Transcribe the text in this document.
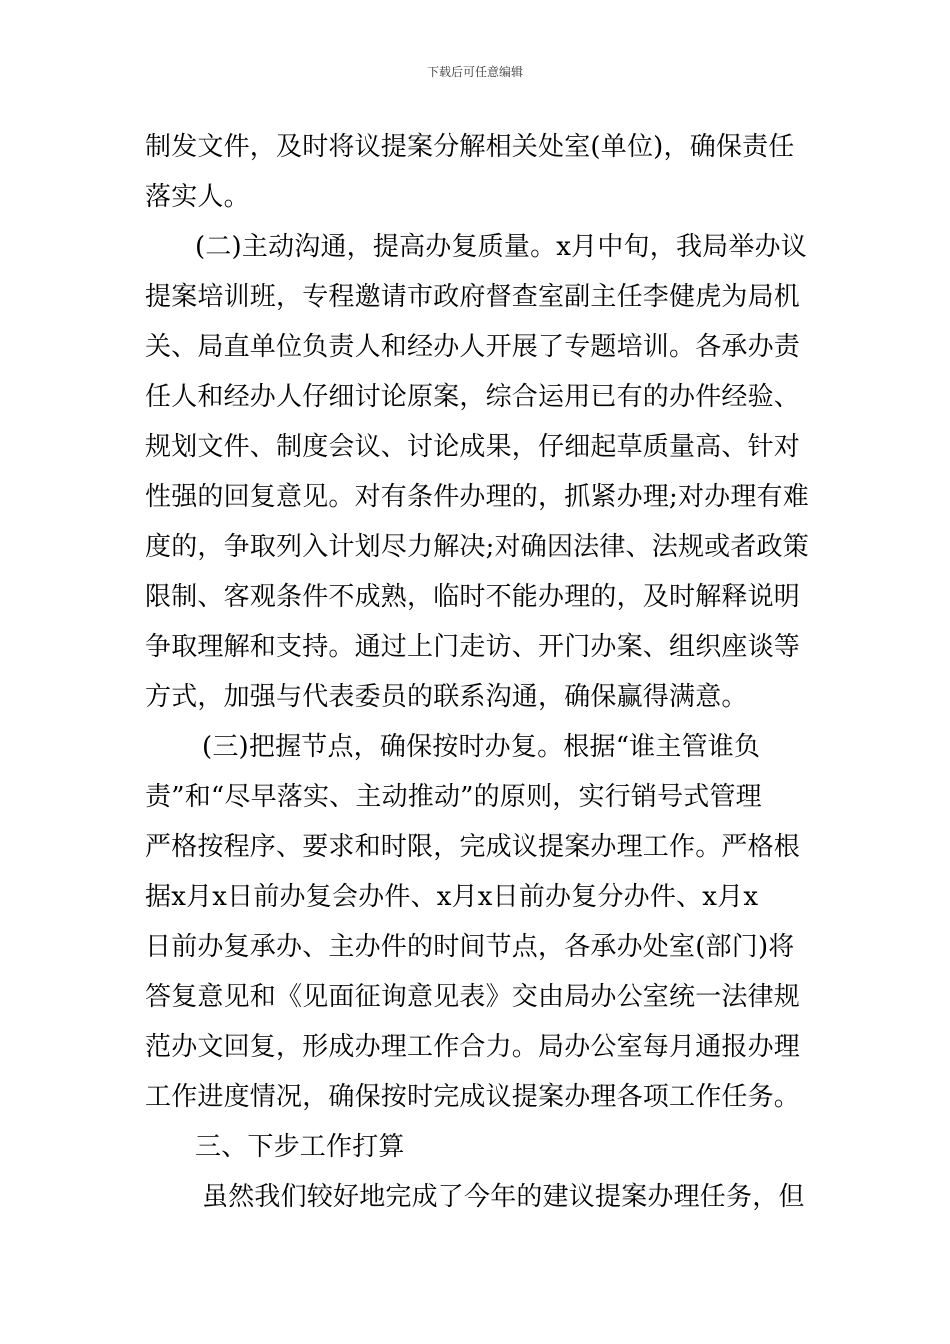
下载后可任意编辑
制发文件，及时将议提案分解相关处室(单位)，确保责任
落实人。
(二)主动沟通，提高办复质量。x月中旬，我局举办议
提案培训班，专程邀请市政府督查室副主任李健虎为局机
关、局直单位负责人和经办人开展了专题培训。各承办责
任人和经办人仔细讨论原案，综合运用已有的办件经验、
规划文件、制度会议、讨论成果，仔细起草质量高、针对
性强的回复意见。对有条件办理的，抓紧办理;对办理有难
度的，争取列入计划尽力解决;对确因法律、法规或者政策
限制、客观条件不成熟，临时不能办理的，及时解释说明
争取理解和支持。通过上门走访、开门办案、组织座谈等
方式，加强与代表委员的联系沟通，确保赢得满意。
(三)把握节点，确保按时办复。根据“谁主管谁负
责”和“尽早落实、主动推动”的原则，实行销号式管理
严格按程序、要求和时限，完成议提案办理工作。严格根
据x月x日前办复会办件、x月x日前办复分办件、x月x
日前办复承办、主办件的时间节点，各承办处室(部门)将
答复意见和《见面征询意见表》交由局办公室统一法律规
范办文回复，形成办理工作合力。局办公室每月通报办理
工作进度情况，确保按时完成议提案办理各项工作任务。
三、下步工作打算
虽然我们较好地完成了今年的建议提案办理任务，但
